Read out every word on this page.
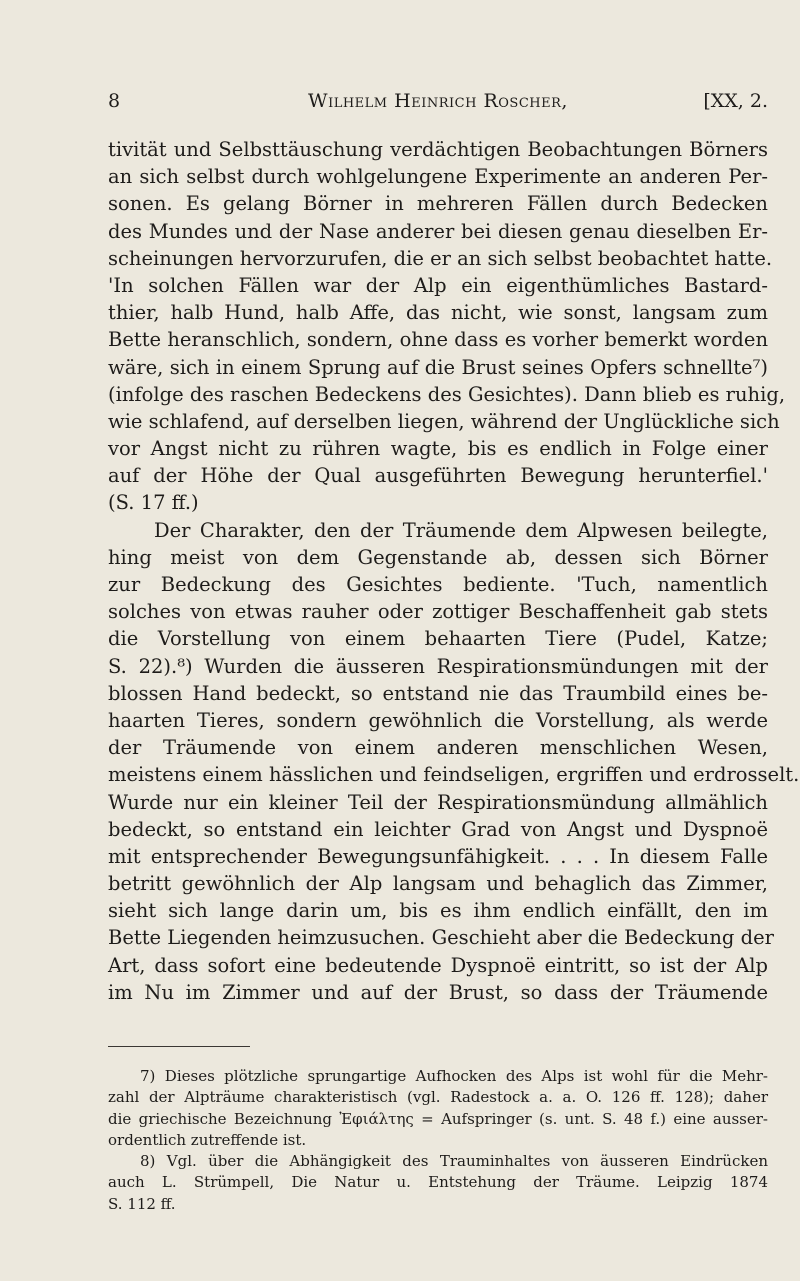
8	Wilhelm Heinrich Roscher,	[XX, 2.
tivität und Selbsttäuschung verdächtigen Beobachtungen Börners
an sich selbst durch wohlgelungene Experimente an anderen Per-
sonen. Es gelang Börner in mehreren Fällen durch Bedecken
des Mundes und der Nase anderer bei diesen genau dieselben Er-
scheinungen hervorzurufen, die er an sich selbst beobachtet hatte.
'In solchen Fällen war der Alp ein eigenthümliches Bastard-
thier, halb Hund, halb Affe, das nicht, wie sonst, langsam zum
Bette heranschlich, sondern, ohne dass es vorher bemerkt worden
wäre, sich in einem Sprung auf die Brust seines Opfers schnellte⁷)
(infolge des raschen Bedeckens des Gesichtes). Dann blieb es ruhig,
wie schlafend, auf derselben liegen, während der Unglückliche sich
vor Angst nicht zu rühren wagte, bis es endlich in Folge einer
auf der Höhe der Qual ausgeführten Bewegung herunterfiel.'
(S. 17 ff.)
Der Charakter, den der Träumende dem Alpwesen beilegte,
hing meist von dem Gegenstande ab, dessen sich Börner
zur Bedeckung des Gesichtes bediente. 'Tuch, namentlich
solches von etwas rauher oder zottiger Beschaffenheit gab stets
die Vorstellung von einem behaarten Tiere (Pudel, Katze;
S. 22).⁸) Wurden die äusseren Respirationsmündungen mit der
blossen Hand bedeckt, so entstand nie das Traumbild eines be-
haarten Tieres, sondern gewöhnlich die Vorstellung, als werde
der Träumende von einem anderen menschlichen Wesen,
meistens einem hässlichen und feindseligen, ergriffen und erdrosselt.
Wurde nur ein kleiner Teil der Respirationsmündung allmählich
bedeckt, so entstand ein leichter Grad von Angst und Dyspnoë
mit entsprechender Bewegungsunfähigkeit. . . . In diesem Falle
betritt gewöhnlich der Alp langsam und behaglich das Zimmer,
sieht sich lange darin um, bis es ihm endlich einfällt, den im
Bette Liegenden heimzusuchen. Geschieht aber die Bedeckung der
Art, dass sofort eine bedeutende Dyspnoë eintritt, so ist der Alp
im Nu im Zimmer und auf der Brust, so dass der Träumende
7) Dieses plötzliche sprungartige Aufhocken des Alps ist wohl für die Mehr-
zahl der Alpträume charakteristisch (vgl. Radestock a. a. O. 126 ff. 128); daher
die griechische Bezeichnung Ἐφιάλτης = Aufspringer (s. unt. S. 48 f.) eine ausser-
ordentlich zutreffende ist.
8) Vgl. über die Abhängigkeit des Trauminhaltes von äusseren Eindrücken
auch L. Strümpell, Die Natur u. Entstehung der Träume. Leipzig 1874
S. 112 ff.
